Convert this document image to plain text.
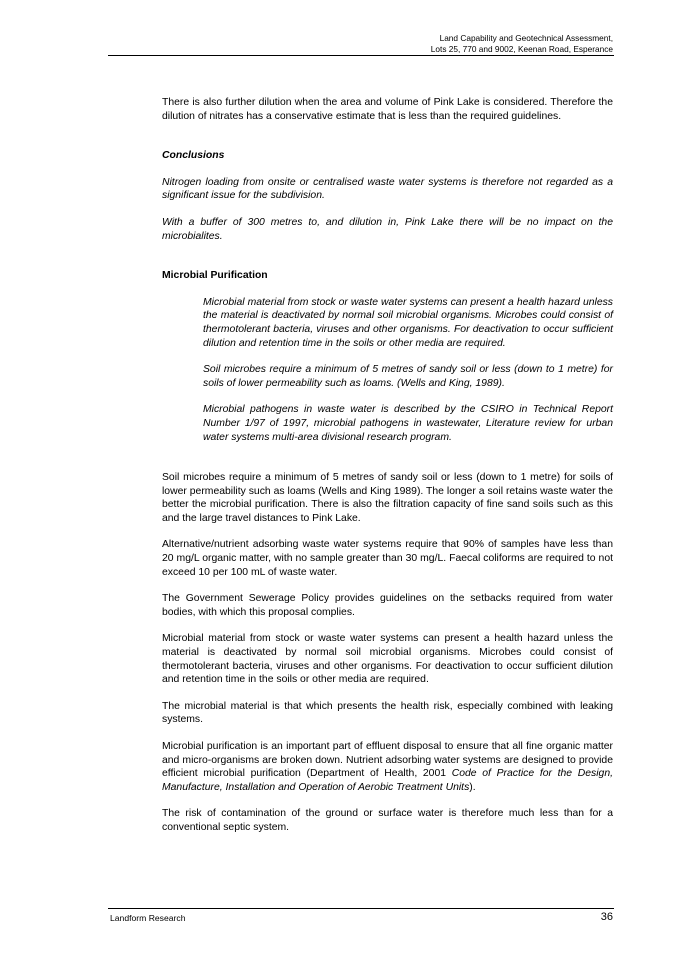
Land Capability and Geotechnical Assessment,
Lots 25, 770 and 9002, Keenan Road, Esperance

There is also further dilution when the area and volume of Pink Lake is considered. Therefore the dilution of nitrates has a conservative estimate that is less than the required guidelines.

Conclusions

Nitrogen loading from onsite or centralised waste water systems is therefore not regarded as a significant issue for the subdivision.

With a buffer of 300 metres to, and dilution in, Pink Lake there will be no impact on the microbialites.

Microbial Purification

Microbial material from stock or waste water systems can present a health hazard unless the material is deactivated by normal soil microbial organisms. Microbes could consist of thermotolerant bacteria, viruses and other organisms. For deactivation to occur sufficient dilution and retention time in the soils or other media are required.

Soil microbes require a minimum of 5 metres of sandy soil or less (down to 1 metre) for soils of lower permeability such as loams. (Wells and King, 1989).

Microbial pathogens in waste water is described by the CSIRO in Technical Report Number 1/97 of 1997, microbial pathogens in wastewater, Literature review for urban water systems multi-area divisional research program.

Soil microbes require a minimum of 5 metres of sandy soil or less (down to 1 metre) for soils of lower permeability such as loams (Wells and King 1989). The longer a soil retains waste water the better the microbial purification. There is also the filtration capacity of fine sand soils such as this and the large travel distances to Pink Lake.

Alternative/nutrient adsorbing waste water systems require that 90% of samples have less than 20 mg/L organic matter, with no sample greater than 30 mg/L. Faecal coliforms are required to not exceed 10 per 100 mL of waste water.

The Government Sewerage Policy provides guidelines on the setbacks required from water bodies, with which this proposal complies.

Microbial material from stock or waste water systems can present a health hazard unless the material is deactivated by normal soil microbial organisms. Microbes could consist of thermotolerant bacteria, viruses and other organisms. For deactivation to occur sufficient dilution and retention time in the soils or other media are required.

The microbial material is that which presents the health risk, especially combined with leaking systems.

Microbial purification is an important part of effluent disposal to ensure that all fine organic matter and micro-organisms are broken down. Nutrient adsorbing water systems are designed to provide efficient microbial purification (Department of Health, 2001 Code of Practice for the Design, Manufacture, Installation and Operation of Aerobic Treatment Units).

The risk of contamination of the ground or surface water is therefore much less than for a conventional septic system.

Landform Research	36
